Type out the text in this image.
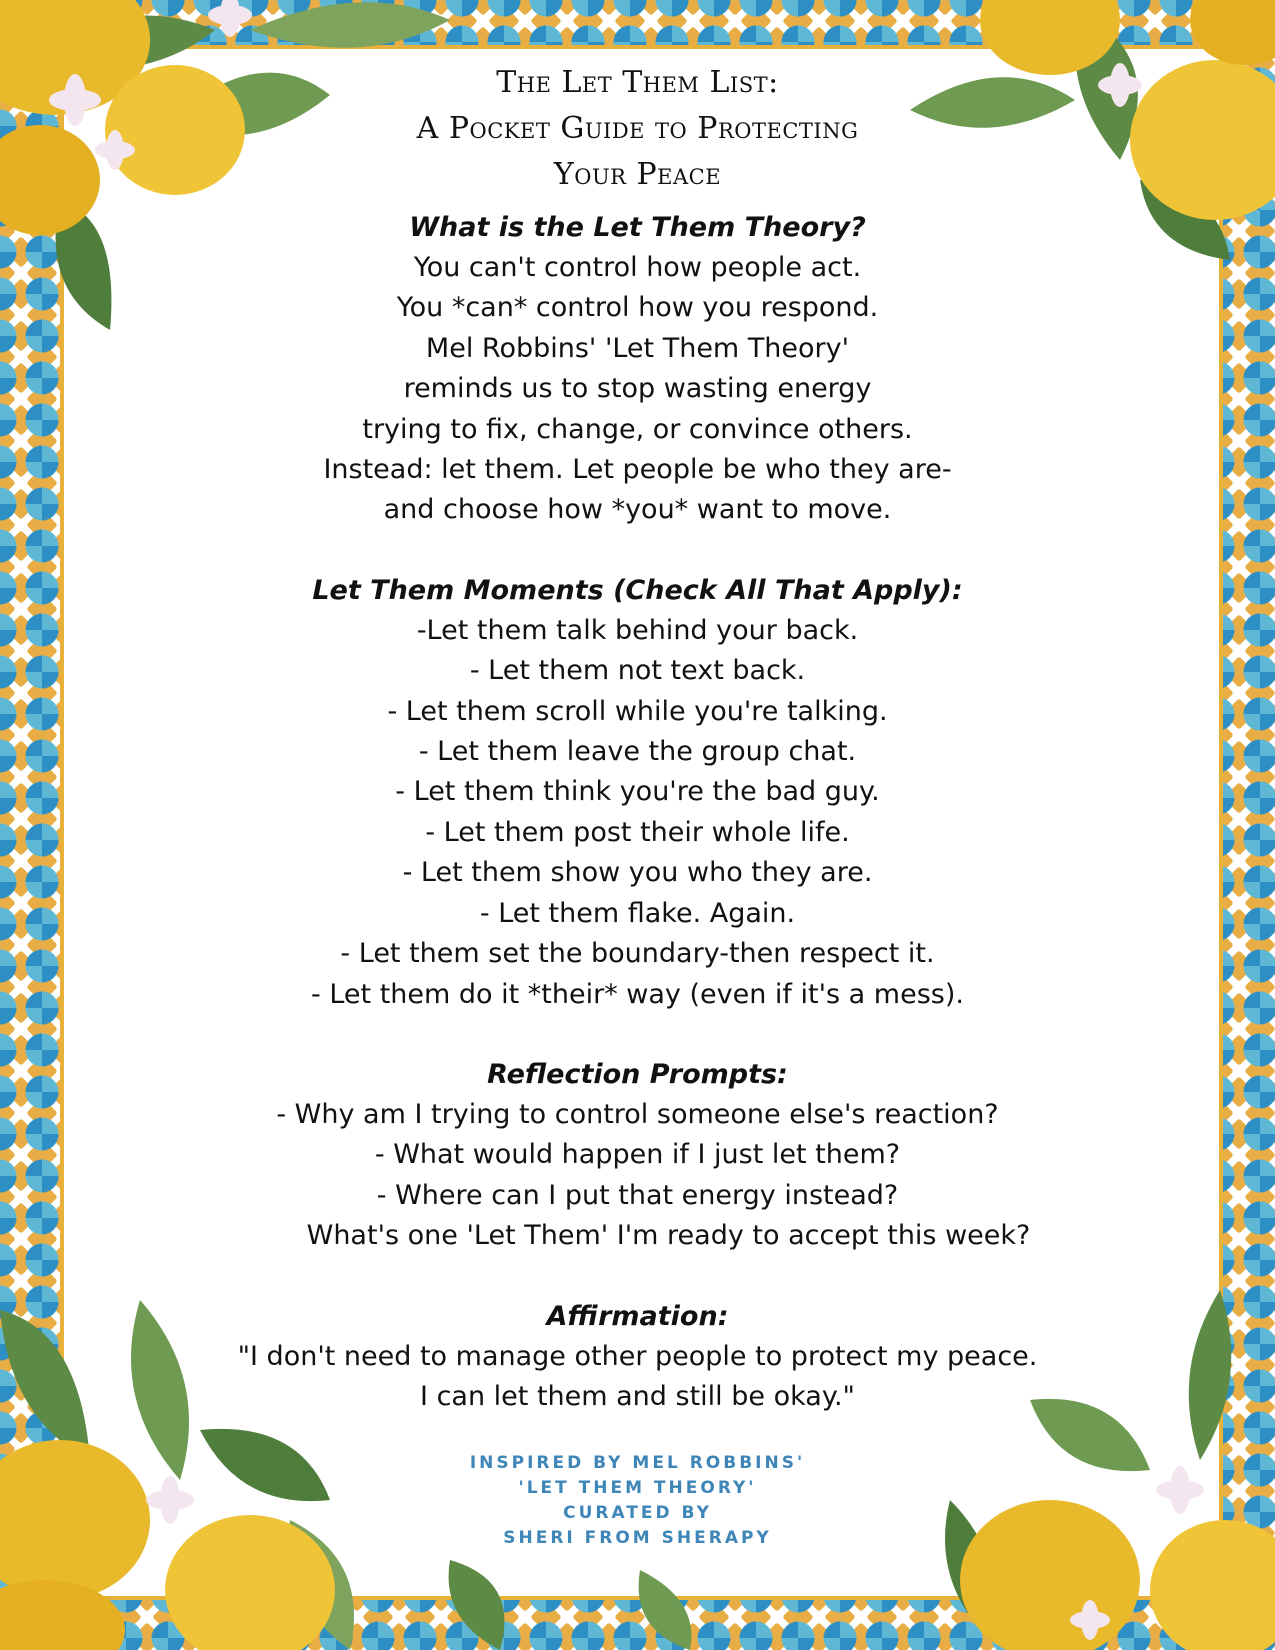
The Let Them List:
A Pocket Guide to Protecting
Your Peace
What is the Let Them Theory?
You can't control how people act.
You *can* control how you respond.
Mel Robbins' 'Let Them Theory'
reminds us to stop wasting energy
trying to fix, change, or convince others.
Instead: let them. Let people be who they are-
and choose how *you* want to move.
Let Them Moments (Check All That Apply):
-Let them talk behind your back.
- Let them not text back.
- Let them scroll while you're talking.
- Let them leave the group chat.
- Let them think you're the bad guy.
- Let them post their whole life.
- Let them show you who they are.
- Let them flake. Again.
- Let them set the boundary-then respect it.
- Let them do it *their* way (even if it's a mess).
Reflection Prompts:
- Why am I trying to control someone else's reaction?
- What would happen if I just let them?
- Where can I put that energy instead?
What's one 'Let Them' I'm ready to accept this week?
Affirmation:
"I don't need to manage other people to protect my peace.
I can let them and still be okay."
INSPIRED BY MEL ROBBINS'
'LET THEM THEORY'
CURATED BY
SHERI FROM SHERAPY
